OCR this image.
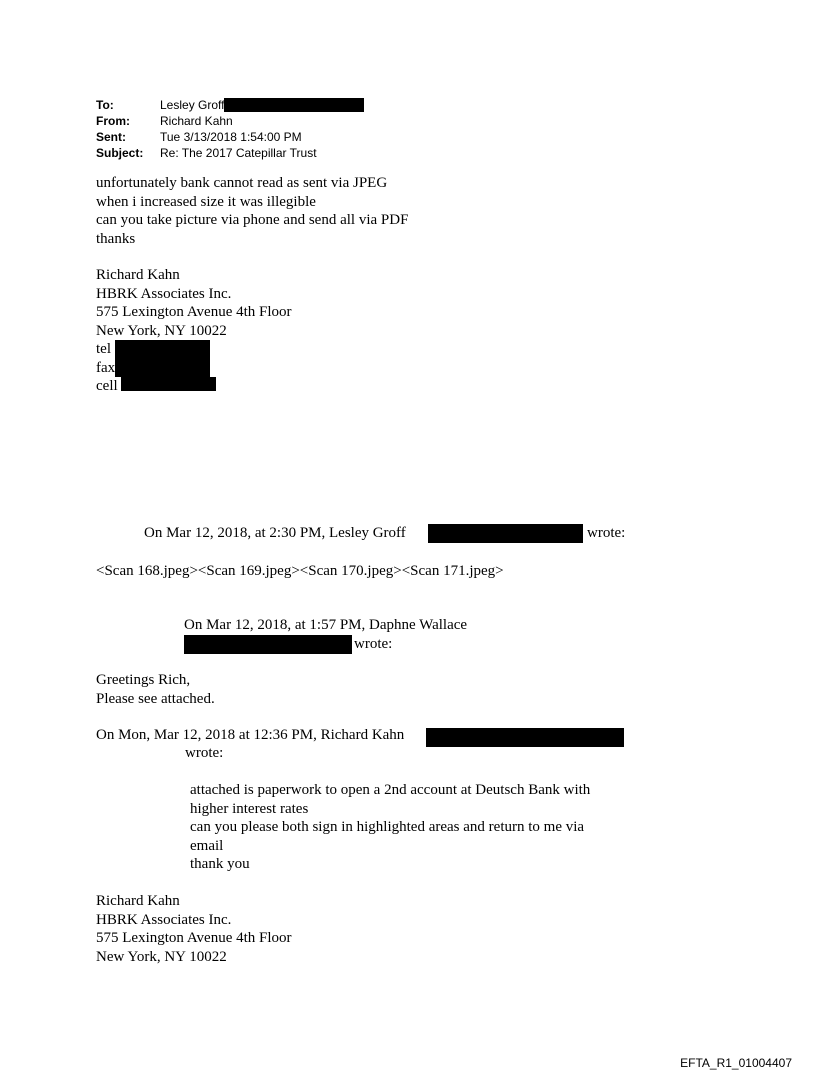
To:	Lesley Groff
From:	Richard Kahn
Sent:	Tue 3/13/2018 1:54:00 PM
Subject:	Re: The 2017 Catepillar Trust
unfortunately bank cannot read as sent via JPEG
when i increased size it was illegible
can you take picture via phone and send all via PDF
thanks
Richard Kahn
HBRK Associates Inc.
575 Lexington Avenue 4th Floor
New York, NY 10022
tel
fax
cell
On Mar 12, 2018, at 2:30 PM, Lesley Groff	wrote:
<Scan 168.jpeg><Scan 169.jpeg><Scan 170.jpeg><Scan 171.jpeg>
On Mar 12, 2018, at 1:57 PM, Daphne Wallace
wrote:
Greetings Rich,
Please see attached.
On Mon, Mar 12, 2018 at 12:36 PM, Richard Kahn
wrote:
attached is paperwork to open a 2nd account at Deutsch Bank with
higher interest rates
can you please both sign in highlighted areas and return to me via
email
thank you
Richard Kahn
HBRK Associates Inc.
575 Lexington Avenue 4th Floor
New York, NY 10022
EFTA_R1_01004407
